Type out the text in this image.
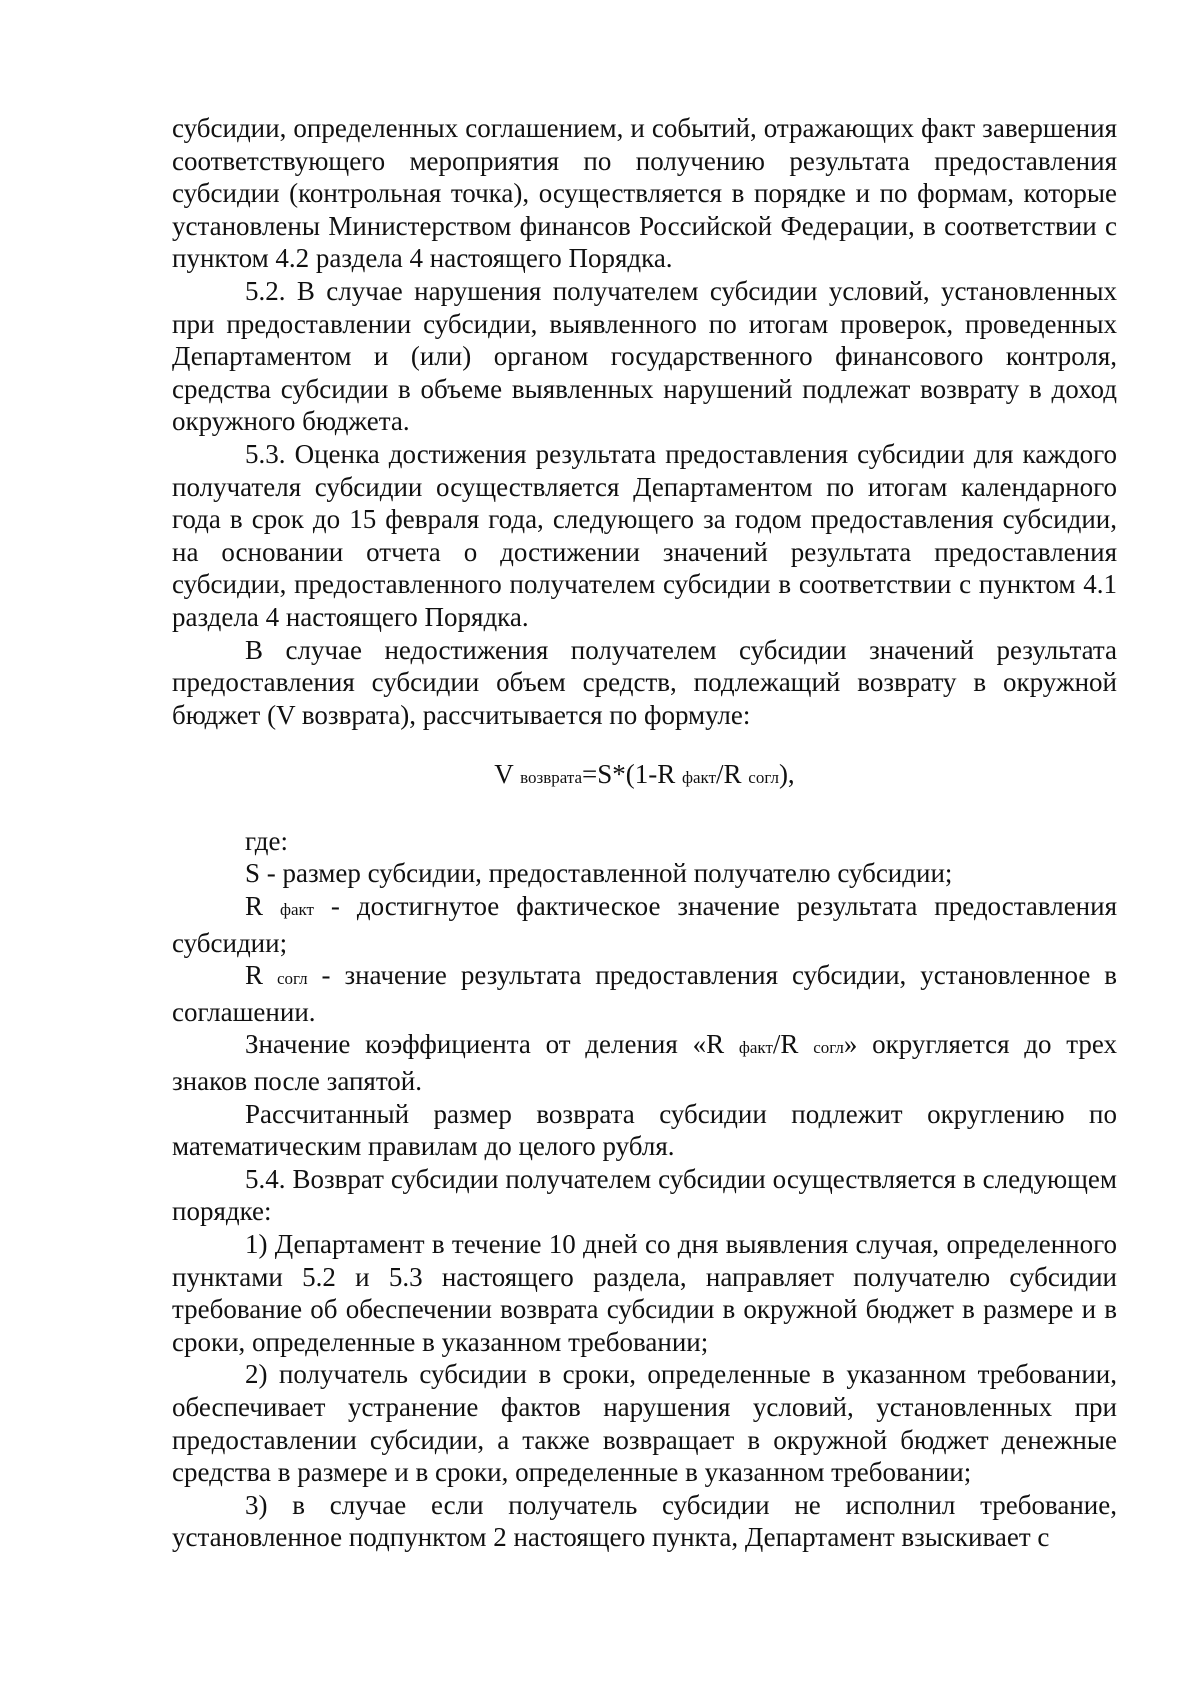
субсидии, определенных соглашением, и событий, отражающих факт завершения соответствующего мероприятия по получению результата предоставления субсидии (контрольная точка), осуществляется в порядке и по формам, которые установлены Министерством финансов Российской Федерации, в соответствии с пунктом 4.2 раздела 4 настоящего Порядка.

5.2. В случае нарушения получателем субсидии условий, установленных при предоставлении субсидии, выявленного по итогам проверок, проведенных Департаментом и (или) органом государственного финансового контроля, средства субсидии в объеме выявленных нарушений подлежат возврату в доход окружного бюджета.

5.3. Оценка достижения результата предоставления субсидии для каждого получателя субсидии осуществляется Департаментом по итогам календарного года в срок до 15 февраля года, следующего за годом предоставления субсидии, на основании отчета о достижении значений результата предоставления субсидии, предоставленного получателем субсидии в соответствии с пунктом 4.1 раздела 4 настоящего Порядка.

В случае недостижения получателем субсидии значений результата предоставления субсидии объем средств, подлежащий возврату в окружной бюджет (V возврата), рассчитывается по формуле:

V возврата=S*(1-R факт/R согл),

где:

S - размер субсидии, предоставленной получателю субсидии;

R факт - достигнутое фактическое значение результата предоставления субсидии;

R согл - значение результата предоставления субсидии, установленное в соглашении.

Значение коэффициента от деления «R факт/R согл» округляется до трех знаков после запятой.

Рассчитанный размер возврата субсидии подлежит округлению по математическим правилам до целого рубля.

5.4. Возврат субсидии получателем субсидии осуществляется в следующем порядке:

1) Департамент в течение 10 дней со дня выявления случая, определенного пунктами 5.2 и 5.3 настоящего раздела, направляет получателю субсидии требование об обеспечении возврата субсидии в окружной бюджет в размере и в сроки, определенные в указанном требовании;

2) получатель субсидии в сроки, определенные в указанном требовании, обеспечивает устранение фактов нарушения условий, установленных при предоставлении субсидии, а также возвращает в окружной бюджет денежные средства в размере и в сроки, определенные в указанном требовании;

3) в случае если получатель субсидии не исполнил требование, установленное подпунктом 2 настоящего пункта, Департамент взыскивает с
